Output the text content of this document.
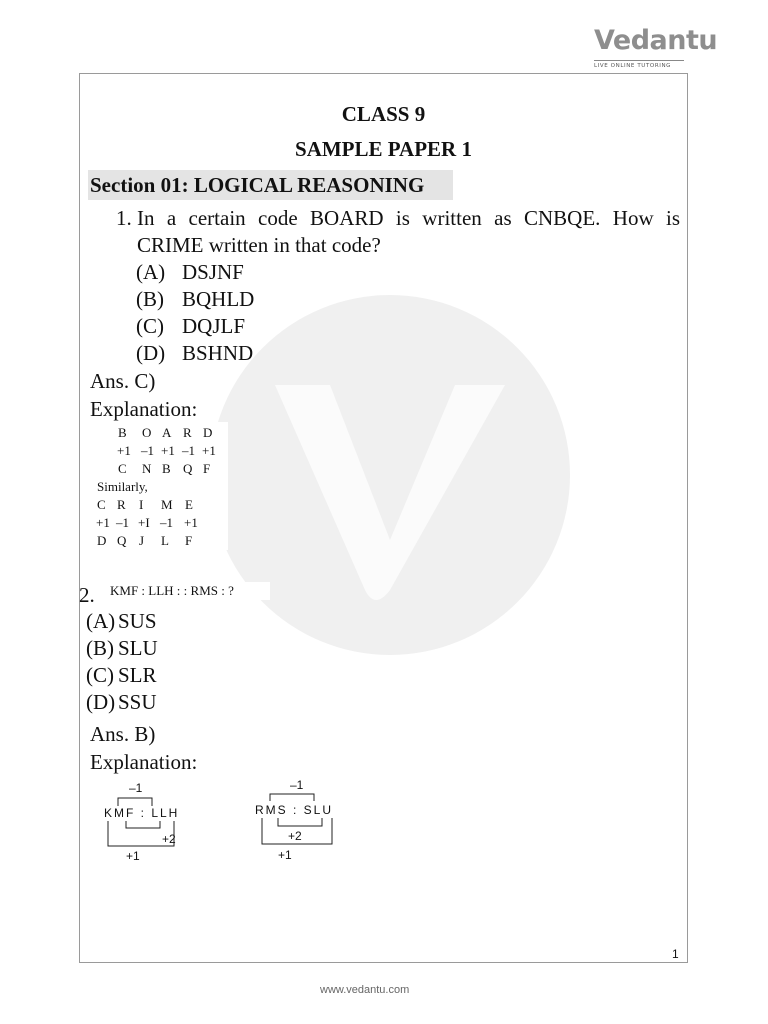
Vedantu
LIVE ONLINE TUTORING
CLASS 9
SAMPLE PAPER 1
Section 01: LOGICAL REASONING
1. In a certain code BOARD is written as CNBQE. How is
CRIME written in that code?
(A) DSJNF
(B) BQHLD
(C) DQJLF
(D) BSHND
Ans. C)
Explanation:
B O A R D
+1 –1 +1 –1 +1
C N B Q F
Similarly,
C R I M E
+1 –1 +I –1 +1
D Q J L F
2.	KMF : LLH : : RMS : ?
(A) SUS
(B) SLU
(C) SLR
(D) SSU
Ans. B)
Explanation:
–1
KMF : LLH
+2
+1
–1
RMS : SLU
+2
+1
1
www.vedantu.com
